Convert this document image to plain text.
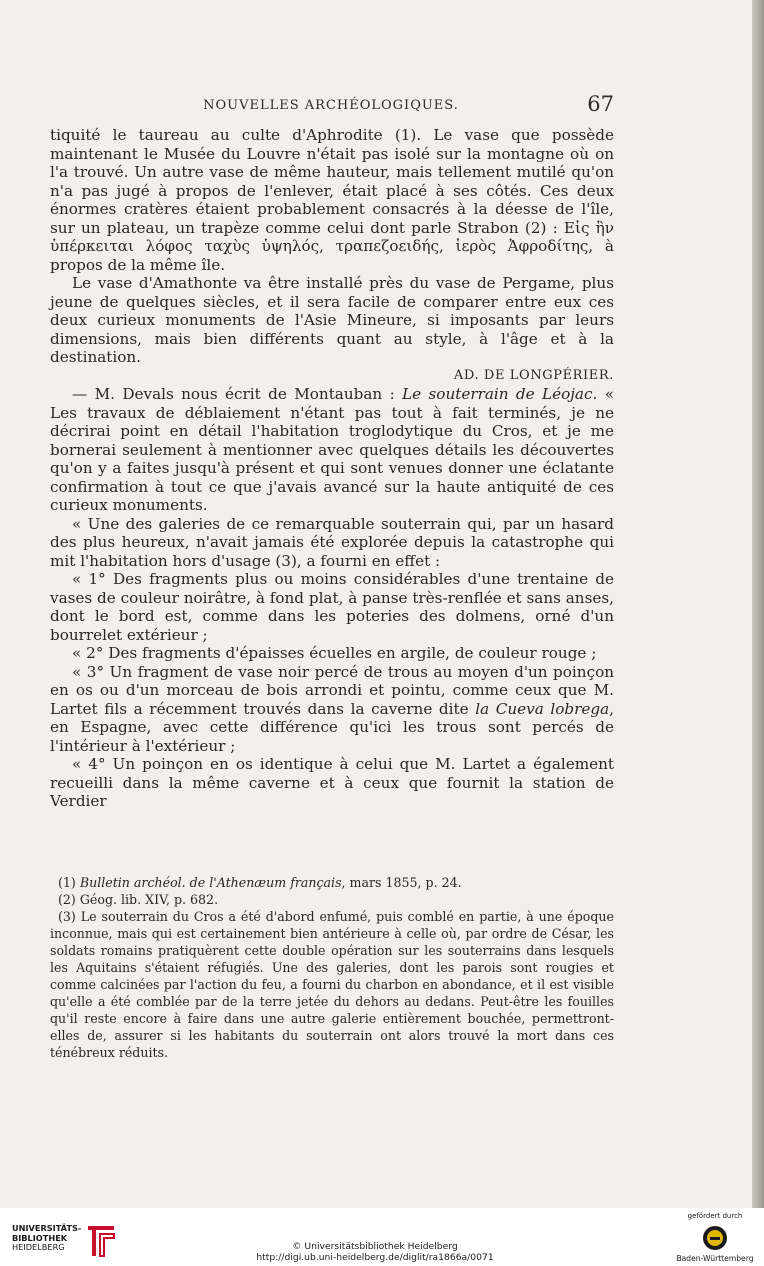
NOUVELLES ARCHÉOLOGIQUES.	67

tiquité le taureau au culte d'Aphrodite (1). Le vase que possède maintenant le Musée du Louvre n'était pas isolé sur la montagne où on l'a trouvé. Un autre vase de même hauteur, mais tellement mutilé qu'on n'a pas jugé à propos de l'enlever, était placé à ses côtés. Ces deux énormes cratères étaient probablement consacrés à la déesse de l'île, sur un plateau, un trapèze comme celui dont parle Strabon (2) : Εἰς ἣν ὑπέρκειται λόφος ταχὺς ὑψηλός, τραπεζοειδής, ἱερὸς Ἀφροδίτης, à propos de la même île.

Le vase d'Amathonte va être installé près du vase de Pergame, plus jeune de quelques siècles, et il sera facile de comparer entre eux ces deux curieux monuments de l'Asie Mineure, si imposants par leurs dimensions, mais bien différents quant au style, à l'âge et à la destination.

AD. DE LONGPÉRIER.

— M. Devals nous écrit de Montauban : Le souterrain de Léojac. « Les travaux de déblaiement n'étant pas tout à fait terminés, je ne décrirai point en détail l'habitation troglodytique du Cros, et je me bornerai seulement à mentionner avec quelques détails les découvertes qu'on y a faites jusqu'à présent et qui sont venues donner une éclatante confirmation à tout ce que j'avais avancé sur la haute antiquité de ces curieux monuments.

« Une des galeries de ce remarquable souterrain qui, par un hasard des plus heureux, n'avait jamais été explorée depuis la catastrophe qui mit l'habitation hors d'usage (3), a fourni en effet :

« 1° Des fragments plus ou moins considérables d'une trentaine de vases de couleur noirâtre, à fond plat, à panse très-renflée et sans anses, dont le bord est, comme dans les poteries des dolmens, orné d'un bourrelet extérieur ;

« 2° Des fragments d'épaisses écuelles en argile, de couleur rouge ;

« 3° Un fragment de vase noir percé de trous au moyen d'un poinçon en os ou d'un morceau de bois arrondi et pointu, comme ceux que M. Lartet fils a récemment trouvés dans la caverne dite la Cueva lobrega, en Espagne, avec cette différence qu'ici les trous sont percés de l'intérieur à l'extérieur ;

« 4° Un poinçon en os identique à celui que M. Lartet a également recueilli dans la même caverne et à ceux que fournit la station de Verdier

(1) Bulletin archéol. de l'Athenæum français, mars 1855, p. 24.

(2) Géog. lib. XIV, p. 682.

(3) Le souterrain du Cros a été d'abord enfumé, puis comblé en partie, à une époque inconnue, mais qui est certainement bien antérieure à celle où, par ordre de César, les soldats romains pratiquèrent cette double opération sur les souterrains dans lesquels les Aquitains s'étaient réfugiés. Une des galeries, dont les parois sont rougies et comme calcinées par l'action du feu, a fourni du charbon en abondance, et il est visible qu'elle a été comblée par de la terre jetée du dehors au dedans. Peut-être les fouilles qu'il reste encore à faire dans une autre galerie entièrement bouchée, permettront-elles de, assurer si les habitants du souterrain ont alors trouvé la mort dans ces ténébreux réduits.

UNIVERSITÄTS-
BIBLIOTHEK
HEIDELBERG	© Universitätsbibliothek Heidelberg
http://digi.ub.uni-heidelberg.de/diglit/ra1866a/0071
gefördert durch
Baden-Württemberg
